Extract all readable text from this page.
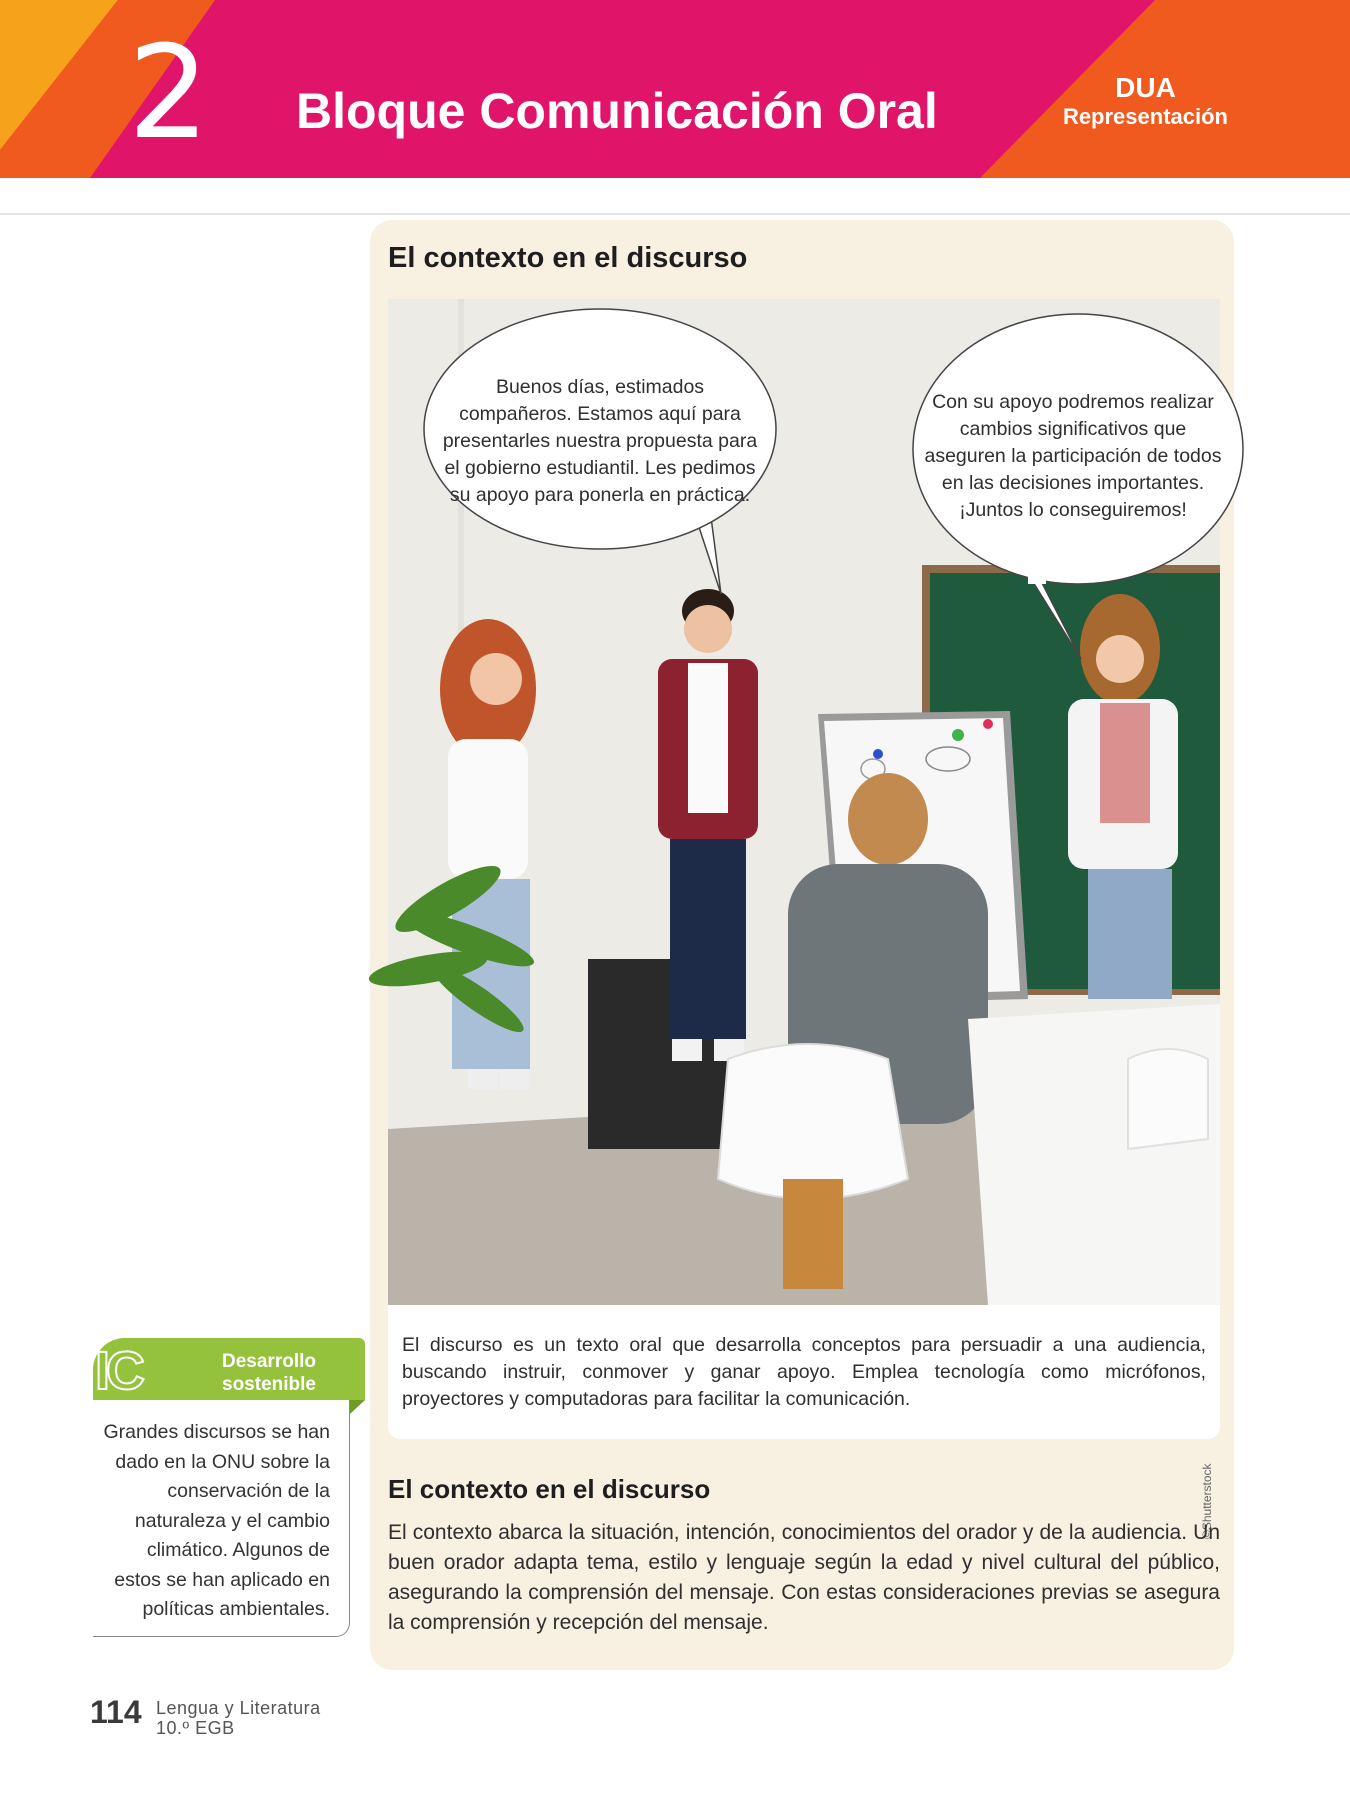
2 Bloque Comunicación Oral	DUA
Representación
El contexto en el discurso
©Shutterstock
Buenos días, estimados compañeros. Estamos aquí para presentarles nuestra propuesta para el gobierno estudiantil. Les pedimos su apoyo para ponerla en práctica.
Con su apoyo podremos realizar cambios significativos que aseguren la participación de todos en las decisiones importantes. ¡Juntos lo conseguiremos!
El discurso es un texto oral que desarrolla conceptos para persuadir a una audiencia, buscando instruir, conmover y ganar apoyo. Emplea tecnología como micrófonos, proyectores y computadoras para facilitar la comunicación.
El contexto en el discurso
El contexto abarca la situación, intención, conocimientos del orador y de la audiencia. Un buen orador adapta tema, estilo y lenguaje según la edad y nivel cultural del público, asegurando la comprensión del mensaje. Con estas consideraciones previas se asegura la comprensión y recepción del mensaje.
IC	Desarrollo sostenible
Grandes discursos se han dado en la ONU sobre la conservación de la naturaleza y el cambio climático. Algunos de estos se han aplicado en políticas ambientales.
114 Lengua y Literatura
10.º EGB
